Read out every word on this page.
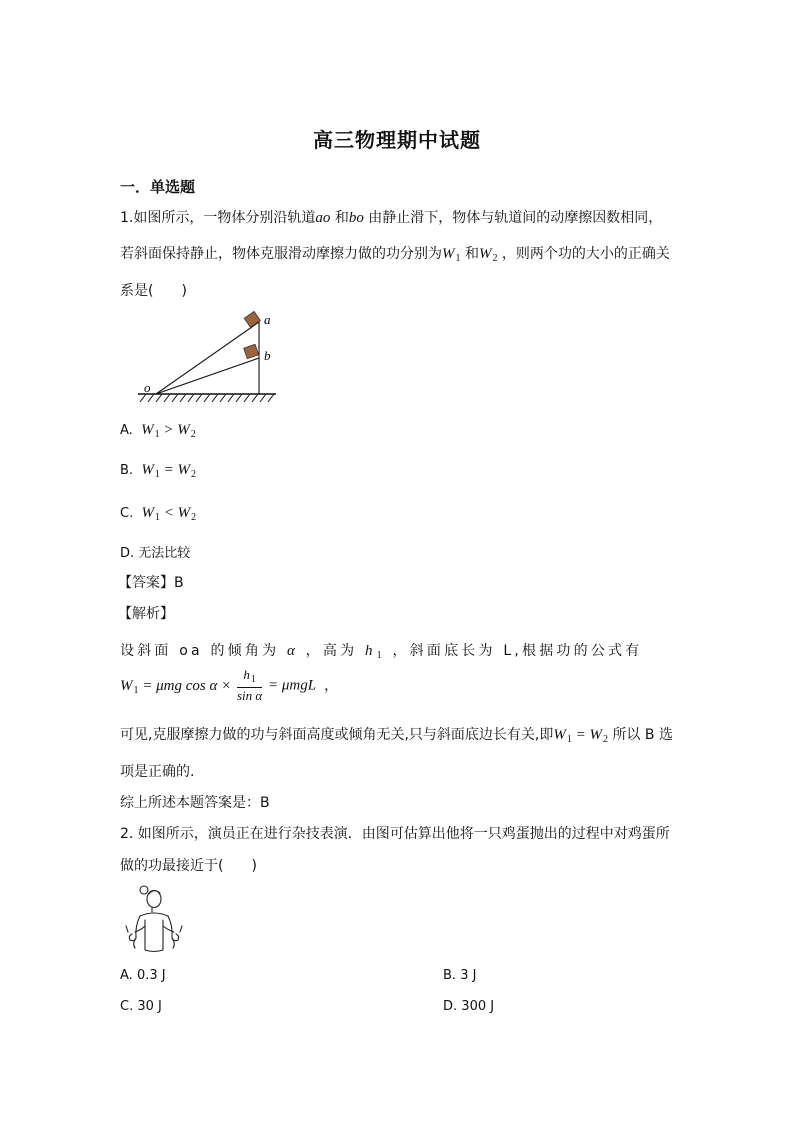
高三物理期中试题
一．单选题
1.如图所示，一物体分别沿轨道ao 和bo 由静止滑下，物体与轨道间的动摩擦因数相同，
若斜面保持静止，物体克服滑动摩擦力做的功分别为$W_1$ 和$W_2$ ，则两个功的大小的正确关
系是(　　)
a
b
o
A. $W_1 > W_2$
B. $W_1 = W_2$
C. $W_1 < W_2$
D. 无法比较
【答案】B
【解析】
设斜面 oa 的倾角为 α ，高为 $h_1$ ，斜面底长为 L,根据功的公式有
$W_1 = \mu mg$ $\cos \alpha \times \frac{h_1}{\text{sin α}} = \mu mgL$ ，
可见,克服摩擦力做的功与斜面高度或倾角无关,只与斜面底边长有关,即$W_1 = W_2$ 所以 B 选
项是正确的.
综上所述本题答案是：B
2. 如图所示，演员正在进行杂技表演．由图可估算出他将一只鸡蛋抛出的过程中对鸡蛋所
做的功最接近于(　　)
A. 0.3 J	B. 3 J
C. 30 J	D. 300 J
